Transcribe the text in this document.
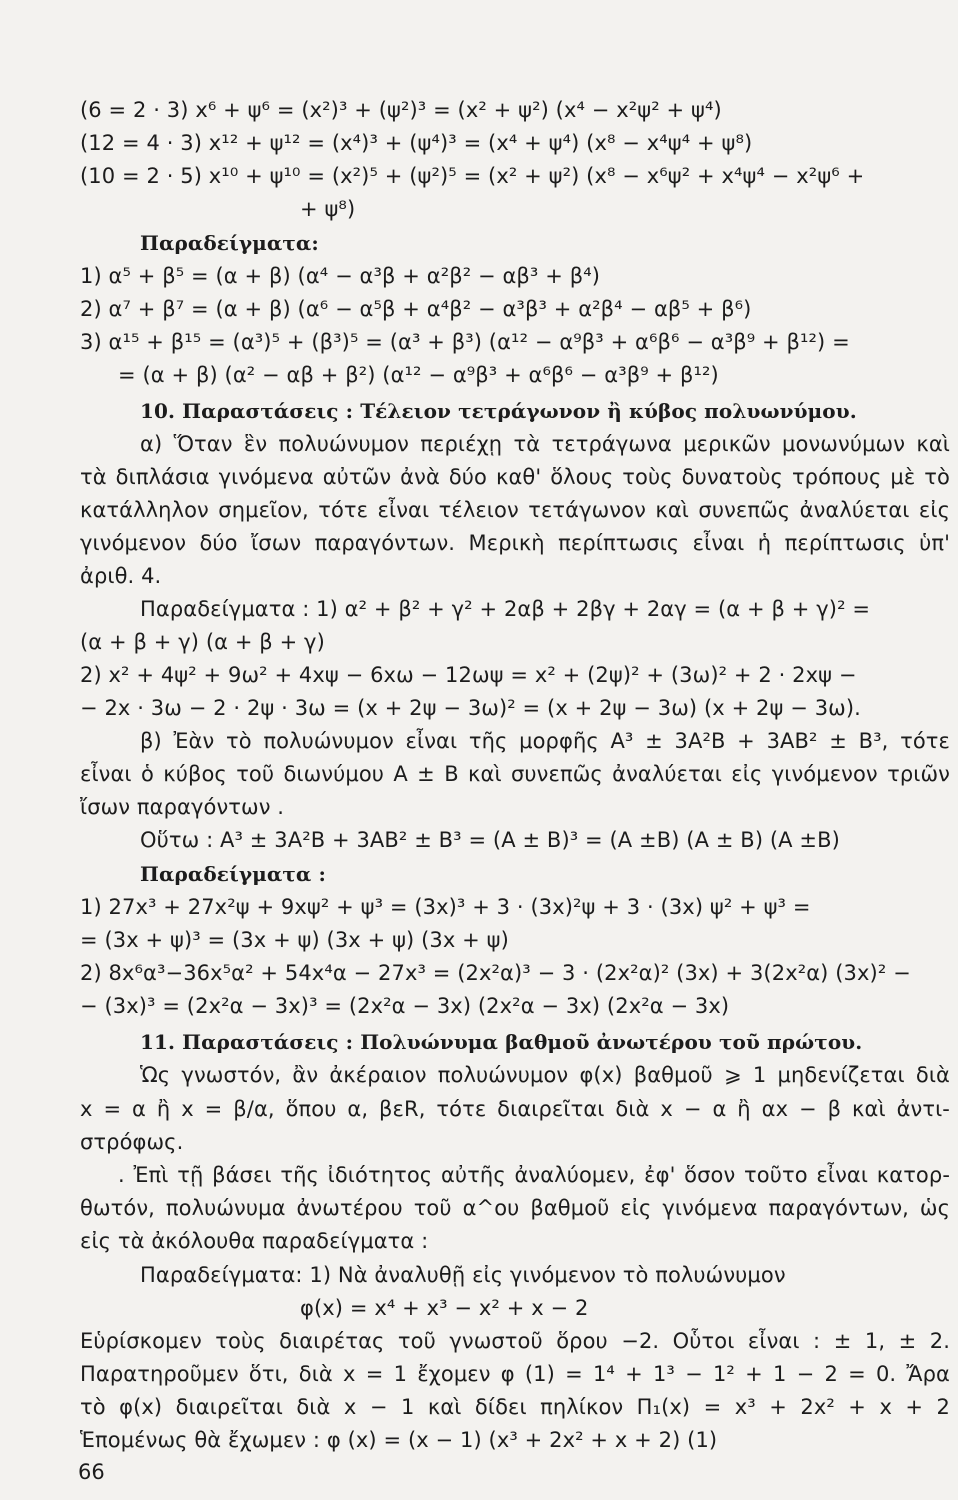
(6 = 2 · 3) x⁶ + ψ⁶ = (x²)³ + (ψ²)³ = (x² + ψ²) (x⁴ − x²ψ² + ψ⁴)
(12 = 4 · 3) x¹² + ψ¹² = (x⁴)³ + (ψ⁴)³ = (x⁴ + ψ⁴) (x⁸ − x⁴ψ⁴ + ψ⁸)
(10 = 2 · 5) x¹⁰ + ψ¹⁰ = (x²)⁵ + (ψ²)⁵ = (x² + ψ²) (x⁸ − x⁶ψ² + x⁴ψ⁴ − x²ψ⁶ +
+ ψ⁸)
Παραδείγματα:
1) α⁵ + β⁵ = (α + β) (α⁴ − α³β + α²β² − αβ³ + β⁴)
2) α⁷ + β⁷ = (α + β) (α⁶ − α⁵β + α⁴β² − α³β³ + α²β⁴ − αβ⁵ + β⁶)
3) α¹⁵ + β¹⁵ = (α³)⁵ + (β³)⁵ = (α³ + β³) (α¹² − α⁹β³ + α⁶β⁶ − α³β⁹ + β¹²) =
= (α + β) (α² − αβ + β²) (α¹² − α⁹β³ + α⁶β⁶ − α³β⁹ + β¹²)
10. Παραστάσεις : Τέλειον τετράγωνον ἢ κύβος πολυωνύμου.
α) Ὅταν ἓν πολυώνυμον περιέχῃ τὰ τετράγωνα μερικῶν μονωνύμων καὶ
τὰ διπλάσια γινόμενα αὐτῶν ἀνὰ δύο καθ' ὅλους τοὺς δυνατοὺς τρόπους μὲ τὸ
κατάλληλον σημεῖον, τότε εἶναι τέλειον τετάγωνον καὶ συνεπῶς ἀναλύεται εἰς
γινόμενον δύο ἴσων παραγόντων. Μερικὴ περίπτωσις εἶναι ἡ περίπτωσις ὑπ'
ἀριθ. 4.
Παραδείγματα : 1) α² + β² + γ² + 2αβ + 2βγ + 2αγ = (α + β + γ)² =
(α + β + γ) (α + β + γ)
2) x² + 4ψ² + 9ω² + 4xψ − 6xω − 12ωψ = x² + (2ψ)² + (3ω)² + 2 · 2xψ −
− 2x · 3ω − 2 · 2ψ · 3ω = (x + 2ψ − 3ω)² = (x + 2ψ − 3ω) (x + 2ψ − 3ω).
β) Ἐὰν τὸ πολυώνυμον εἶναι τῆς μορφῆς A³ ± 3A²B + 3AB² ± B³, τότε
εἶναι ὁ κύβος τοῦ διωνύμου A ± B καὶ συνεπῶς ἀναλύεται εἰς γινόμενον τριῶν
ἴσων παραγόντων .
Οὕτω : A³ ± 3A²B + 3AB² ± B³ = (A ± B)³ = (A ±B) (A ± B) (A ±B)
Παραδείγματα :
1) 27x³ + 27x²ψ + 9xψ² + ψ³ = (3x)³ + 3 · (3x)²ψ + 3 · (3x) ψ² + ψ³ =
= (3x + ψ)³ = (3x + ψ) (3x + ψ) (3x + ψ)
2) 8x⁶α³−36x⁵α² + 54x⁴α − 27x³ = (2x²α)³ − 3 · (2x²α)² (3x) + 3(2x²α) (3x)² −
− (3x)³ = (2x²α − 3x)³ = (2x²α − 3x) (2x²α − 3x) (2x²α − 3x)
11. Παραστάσεις : Πολυώνυμα βαθμοῦ ἀνωτέρου τοῦ πρώτου.
Ὡς γνωστόν, ἂν ἀκέραιον πολυώνυμον φ(x) βαθμοῦ ⩾ 1 μηδενίζεται διὰ
x = α ἢ x = β/α, ὅπου α, βεR, τότε διαιρεῖται διὰ x − α ἢ αx − β καὶ ἀντι-
στρόφως.
. Ἐπὶ τῇ βάσει τῆς ἰδιότητος αὐτῆς ἀναλύομεν, ἐφ' ὅσον τοῦτο εἶναι κατορ-
θωτόν, πολυώνυμα ἀνωτέρου τοῦ α^ου βαθμοῦ εἰς γινόμενα παραγόντων, ὡς
εἰς τὰ ἀκόλουθα παραδείγματα :
Παραδείγματα: 1) Νὰ ἀναλυθῇ εἰς γινόμενον τὸ πολυώνυμον
φ(x) = x⁴ + x³ − x² + x − 2
Εὑρίσκομεν τοὺς διαιρέτας τοῦ γνωστοῦ ὅρου −2. Οὗτοι εἶναι : ± 1, ± 2.
Παρατηροῦμεν ὅτι, διὰ x = 1 ἔχομεν φ (1) = 1⁴ + 1³ − 1² + 1 − 2 = 0. Ἄρα
τὸ φ(x) διαιρεῖται διὰ x − 1 καὶ δίδει πηλίκον Π₁(x) = x³ + 2x² + x + 2
Ἑπομένως θὰ ἔχωμεν : φ (x) = (x − 1) (x³ + 2x² + x + 2) (1)
66
